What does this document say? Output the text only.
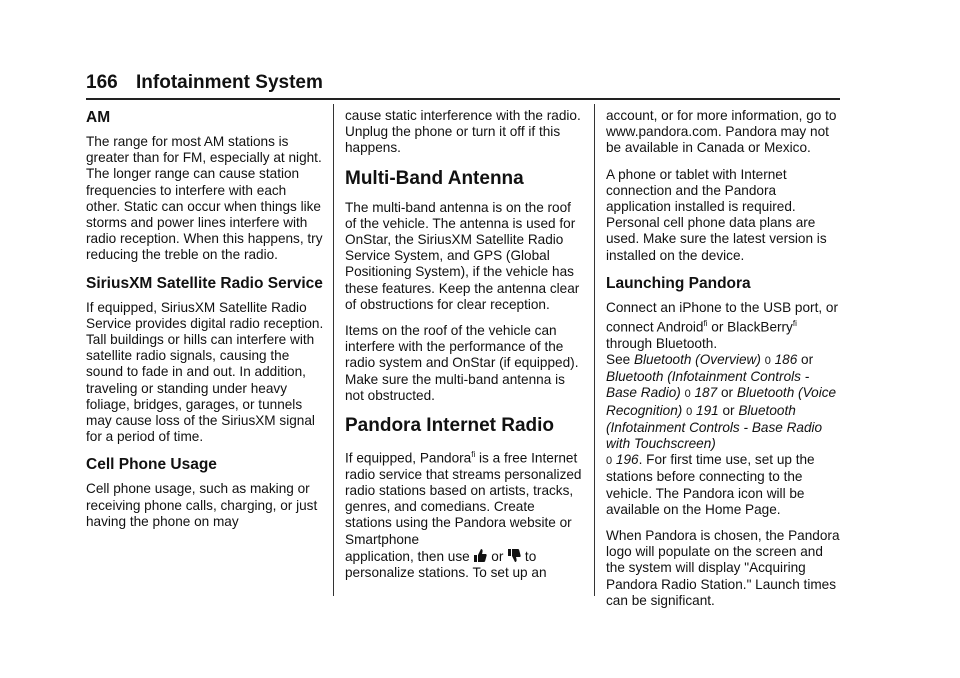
166 Infotainment System
AM

The range for most AM stations is greater than for FM, especially at night. The longer range can cause station frequencies to interfere with each other. Static can occur when things like storms and power lines interfere with radio reception. When this happens, try reducing the treble on the radio.

SiriusXM Satellite Radio Service

If equipped, SiriusXM Satellite Radio Service provides digital radio reception. Tall buildings or hills can interfere with satellite radio signals, causing the sound to fade in and out. In addition, traveling or standing under heavy foliage, bridges, garages, or tunnels may cause loss of the SiriusXM signal for a period of time.

Cell Phone Usage

Cell phone usage, such as making or receiving phone calls, charging, or just having the phone on may

cause static interference with the radio. Unplug the phone or turn it off if this happens.

Multi-Band Antenna

The multi-band antenna is on the roof of the vehicle. The antenna is used for OnStar, the SiriusXM Satellite Radio Service System, and GPS (Global Positioning System), if the vehicle has these features. Keep the antenna clear of obstructions for clear reception.

Items on the roof of the vehicle can interfere with the performance of the radio system and OnStar (if equipped). Make sure the multi-band antenna is not obstructed.

Pandora Internet Radio

If equipped, Pandora$^{fi}$ is a free Internet radio service that streams personalized radio stations based on artists, tracks, genres, and comedians. Create stations using the Pandora website or Smartphone
application, then use or to
personalize stations. To set up an

account, or for more information, go to www.pandora.com. Pandora may not be available in Canada or Mexico.

A phone or tablet with Internet connection and the Pandora application installed is required. Personal cell phone data plans are used. Make sure the latest version is installed on the device.

Launching Pandora

Connect an iPhone to the USB port, or connect Android$^{fi}$ or BlackBerry$^{fi}$ through Bluetooth.
See Bluetooth (Overview) 0 186 or Bluetooth (Infotainment Controls - Base Radio) 0 187 or Bluetooth (Voice Recognition) 0 191 or Bluetooth (Infotainment Controls - Base Radio with Touchscreen)
0 196. For first time use, set up the stations before connecting to the vehicle. The Pandora icon will be available on the Home Page.

When Pandora is chosen, the Pandora logo will populate on the screen and the system will display "Acquiring Pandora Radio Station." Launch times can be significant.
